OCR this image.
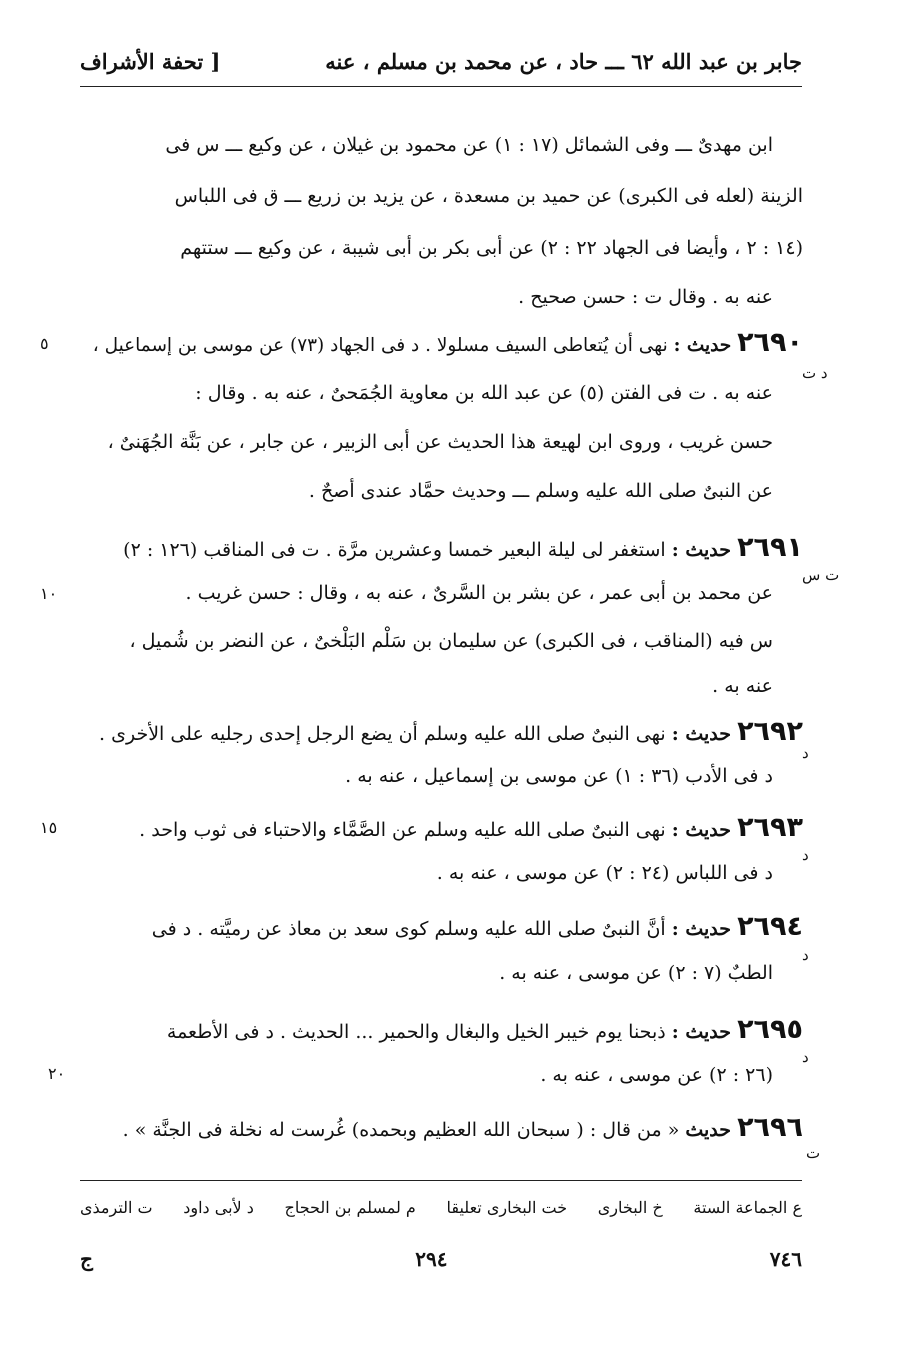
[ تحفة الأشراف	جابر بن عبد الله ٦٢ ـــ حاد ، عن محمد بن مسلم ، عنه
ابن مهدىٌ ـــ وفى الشمائل (١٧ : ١) عن محمود بن غيلان ، عن وكيع ـــ س فى
الزينة (لعله فى الكبرى) عن حميد بن مسعدة ، عن يزيد بن زريع ـــ ق فى اللباس
(١٤ : ٢ ، وأيضا فى الجهاد ٢٢ : ٢) عن أبى بكر بن أبى شيبة ، عن وكيع ـــ ستتهم
عنه به . وقال ت : حسن صحيح .
٢٦٩٠ حديث : نهى أن يُتعاطى السيف مسلولا . د فى الجهاد (٧٣) عن موسى بن إسماعيل ،
٥
د ت
عنه به . ت فى الفتن (٥) عن عبد الله بن معاوية الجُمَحىٌ ، عنه به . وقال :
حسن غريب ، وروى ابن لهيعة هذا الحديث عن أبى الزبير ، عن جابر ، عن بَنَّة الجُهَنىٌ ،
عن النبىٌ صلى الله عليه وسلم ـــ وحديث حمَّاد عندى أصحٌ .
٢٦٩١ حديث : استغفر لى ليلة البعير خمسا وعشرين مرَّة . ت فى المناقب (١٢٦ : ٢)
ت س
١٠	عن محمد بن أبى عمر ، عن بشر بن السَّرىٌ ، عنه به ، وقال : حسن غريب .
س فيه (المناقب ، فى الكبرى) عن سليمان بن سَلْم البَلْخىٌ ، عن النضر بن شُميل ،
عنه به .
٢٦٩٢ حديث : نهى النبىٌ صلى الله عليه وسلم أن يضع الرجل إحدى رجليه على الأخرى .
د
د فى الأدب (٣٦ : ١) عن موسى بن إسماعيل ، عنه به .
٢٦٩٣ حديث : نهى النبىٌ صلى الله عليه وسلم عن الصَّمَّاء والاحتباء فى ثوب واحد .
١٥
د
د فى اللباس (٢٤ : ٢) عن موسى ، عنه به .
٢٦٩٤ حديث : أنَّ النبىٌ صلى الله عليه وسلم كوى سعد بن معاذ عن رميَّته . د فى
د
الطبٌ (٧ : ٢) عن موسى ، عنه به .
٢٦٩٥ حديث : ذبحنا يوم خيبر الخيل والبغال والحمير ... الحديث . د فى الأطعمة
د
٢٠	(٢٦ : ٢) عن موسى ، عنه به .
٢٦٩٦ حديث « من قال : ( سبحان الله العظيم وبحمده) غُرست له نخلة فى الجنَّة » .
ت
ع الجماعة الستة
خ البخارى
خت البخارى تعليقا
م لمسلم بن الحجاج
د لأبى داود
ت الترمذى
ج	٢٩٤	٧٤٦
